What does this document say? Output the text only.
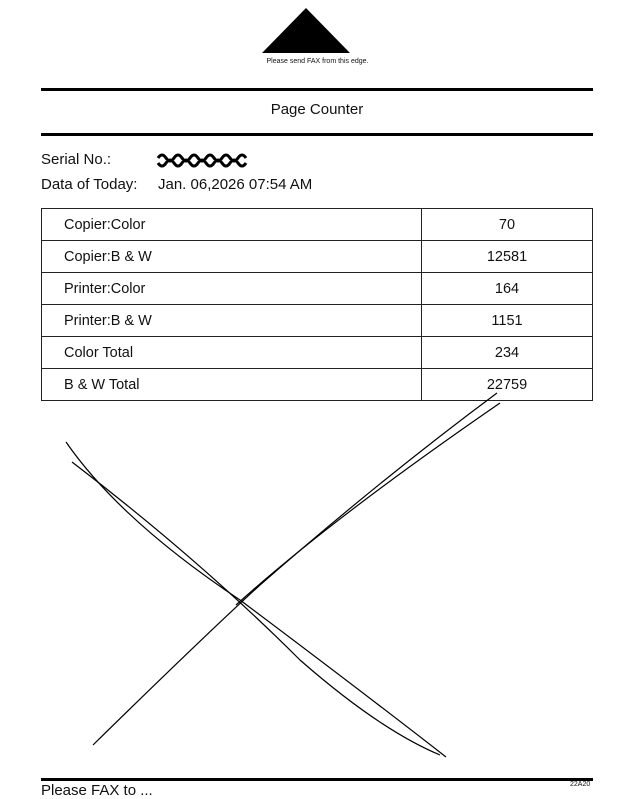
Please send FAX from this edge.
Page Counter
Serial No.:
Data of Today: Jan. 06,2026 07:54 AM
Copier:Color	70
Copier:B & W	12581
Printer:Color	164
Printer:B & W	1151
Color Total	234
B & W Total	22759
Please FAX to ...	22A20
